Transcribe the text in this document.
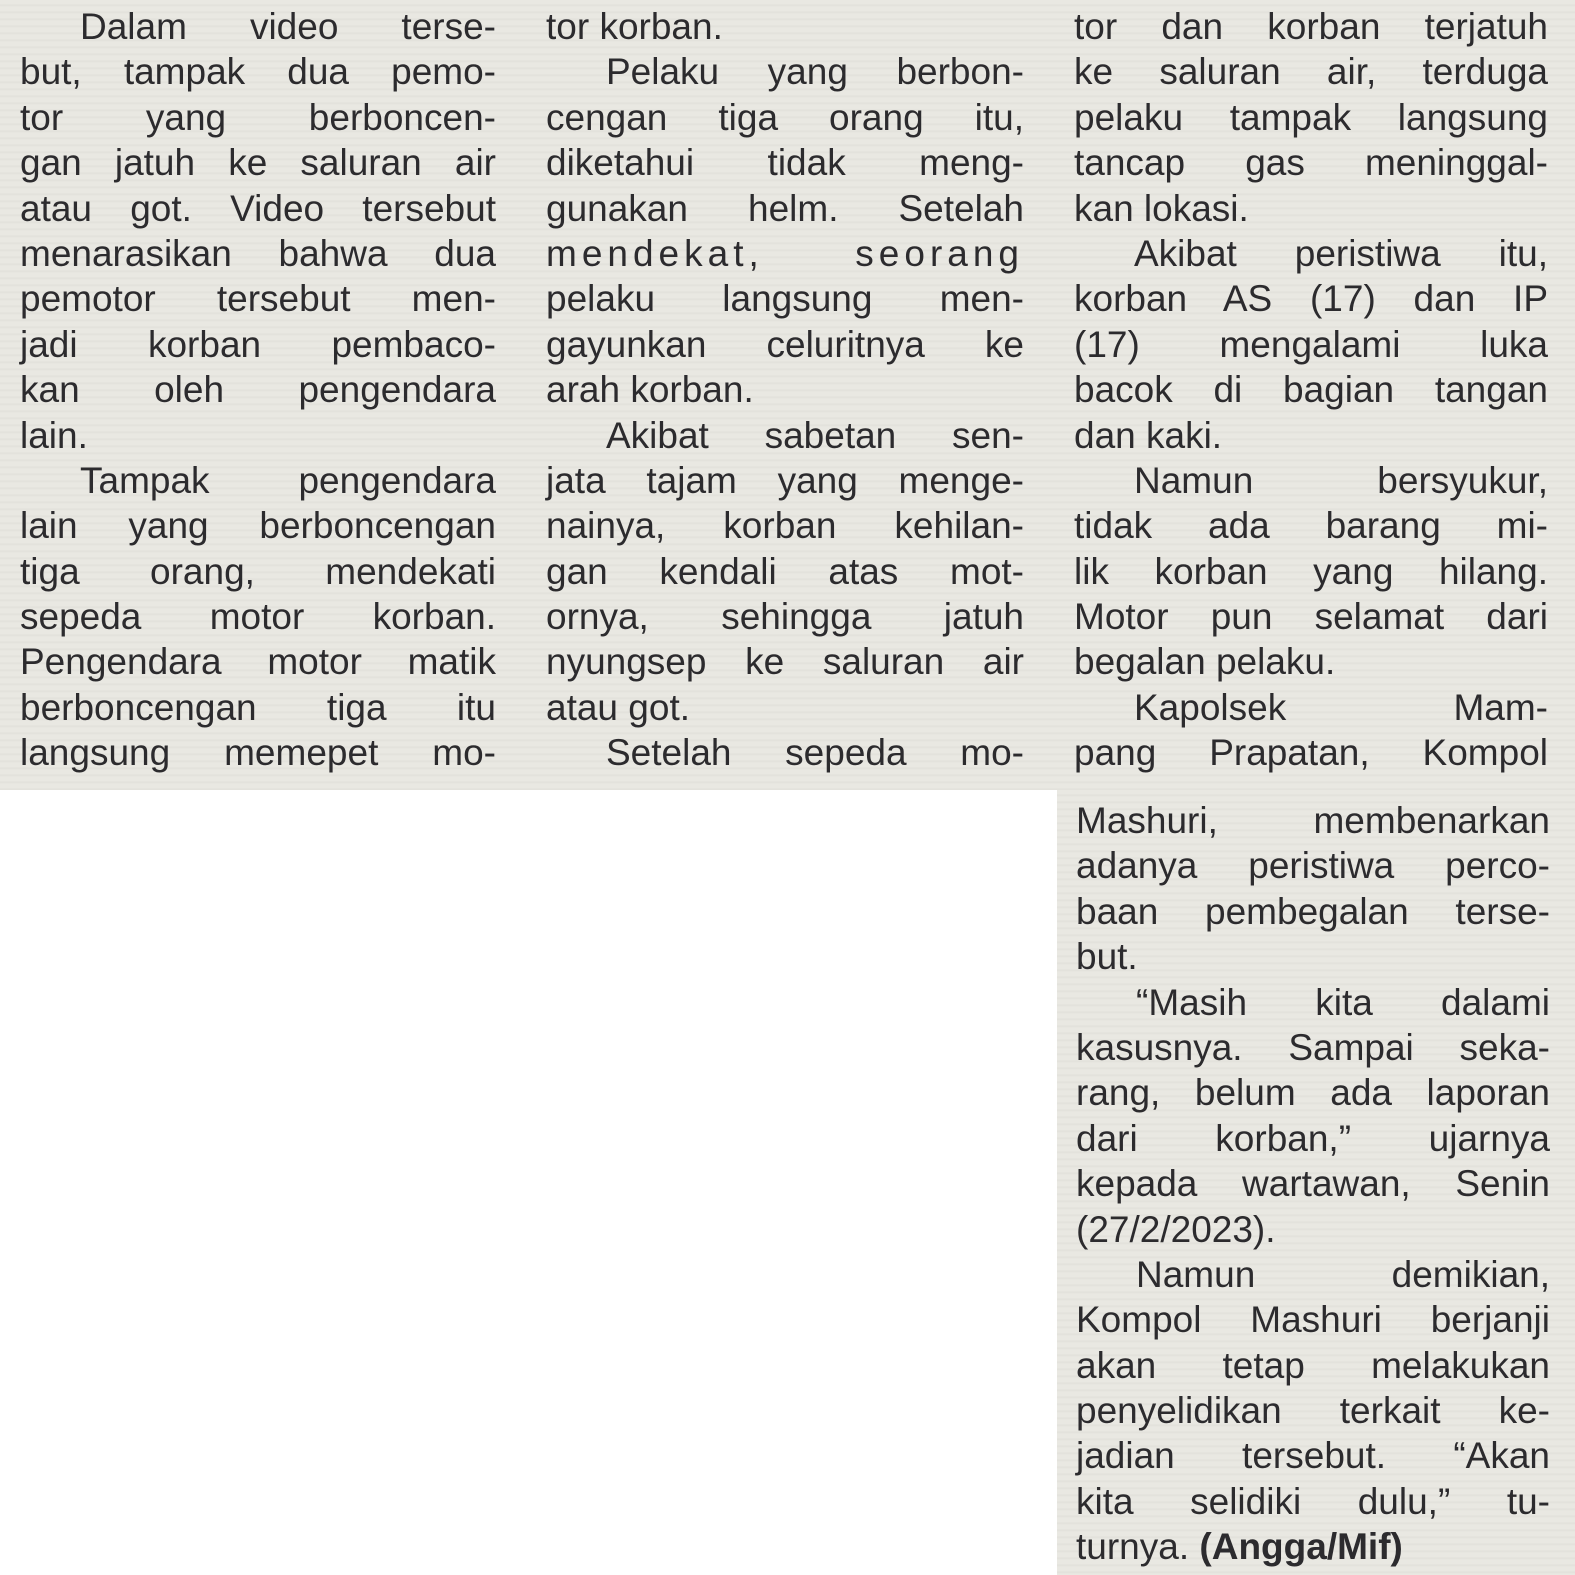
Dalam video terse-
but, tampak dua pemo-
tor yang berboncen-
gan jatuh ke saluran air
atau got. Video tersebut
menarasikan bahwa dua
pemotor tersebut men-
jadi korban pembaco-
kan oleh pengendara
lain.
Tampak pengendara
lain yang berboncengan
tiga orang, mendekati
sepeda motor korban.
Pengendara motor matik
berboncengan tiga itu
langsung memepet mo-
tor korban.
Pelaku yang berbon-
cengan tiga orang itu,
diketahui tidak meng-
gunakan helm. Setelah
mendekat, seorang
pelaku langsung men-
gayunkan celuritnya ke
arah korban.
Akibat sabetan sen-
jata tajam yang menge-
nainya, korban kehilan-
gan kendali atas mot-
ornya, sehingga jatuh
nyungsep ke saluran air
atau got.
Setelah sepeda mo-
tor dan korban terjatuh
ke saluran air, terduga
pelaku tampak langsung
tancap gas meninggal-
kan lokasi.
Akibat peristiwa itu,
korban AS (17) dan IP
(17) mengalami luka
bacok di bagian tangan
dan kaki.
Namun bersyukur,
tidak ada barang mi-
lik korban yang hilang.
Motor pun selamat dari
begalan pelaku.
Kapolsek Mam-
pang Prapatan, Kompol
Mashuri, membenarkan
adanya peristiwa perco-
baan pembegalan terse-
but.
“Masih kita dalami
kasusnya. Sampai seka-
rang, belum ada laporan
dari korban,” ujarnya
kepada wartawan, Senin
(27/2/2023).
Namun demikian,
Kompol Mashuri berjanji
akan tetap melakukan
penyelidikan terkait ke-
jadian tersebut. “Akan
kita selidiki dulu,” tu-
turnya. (Angga/Mif)
